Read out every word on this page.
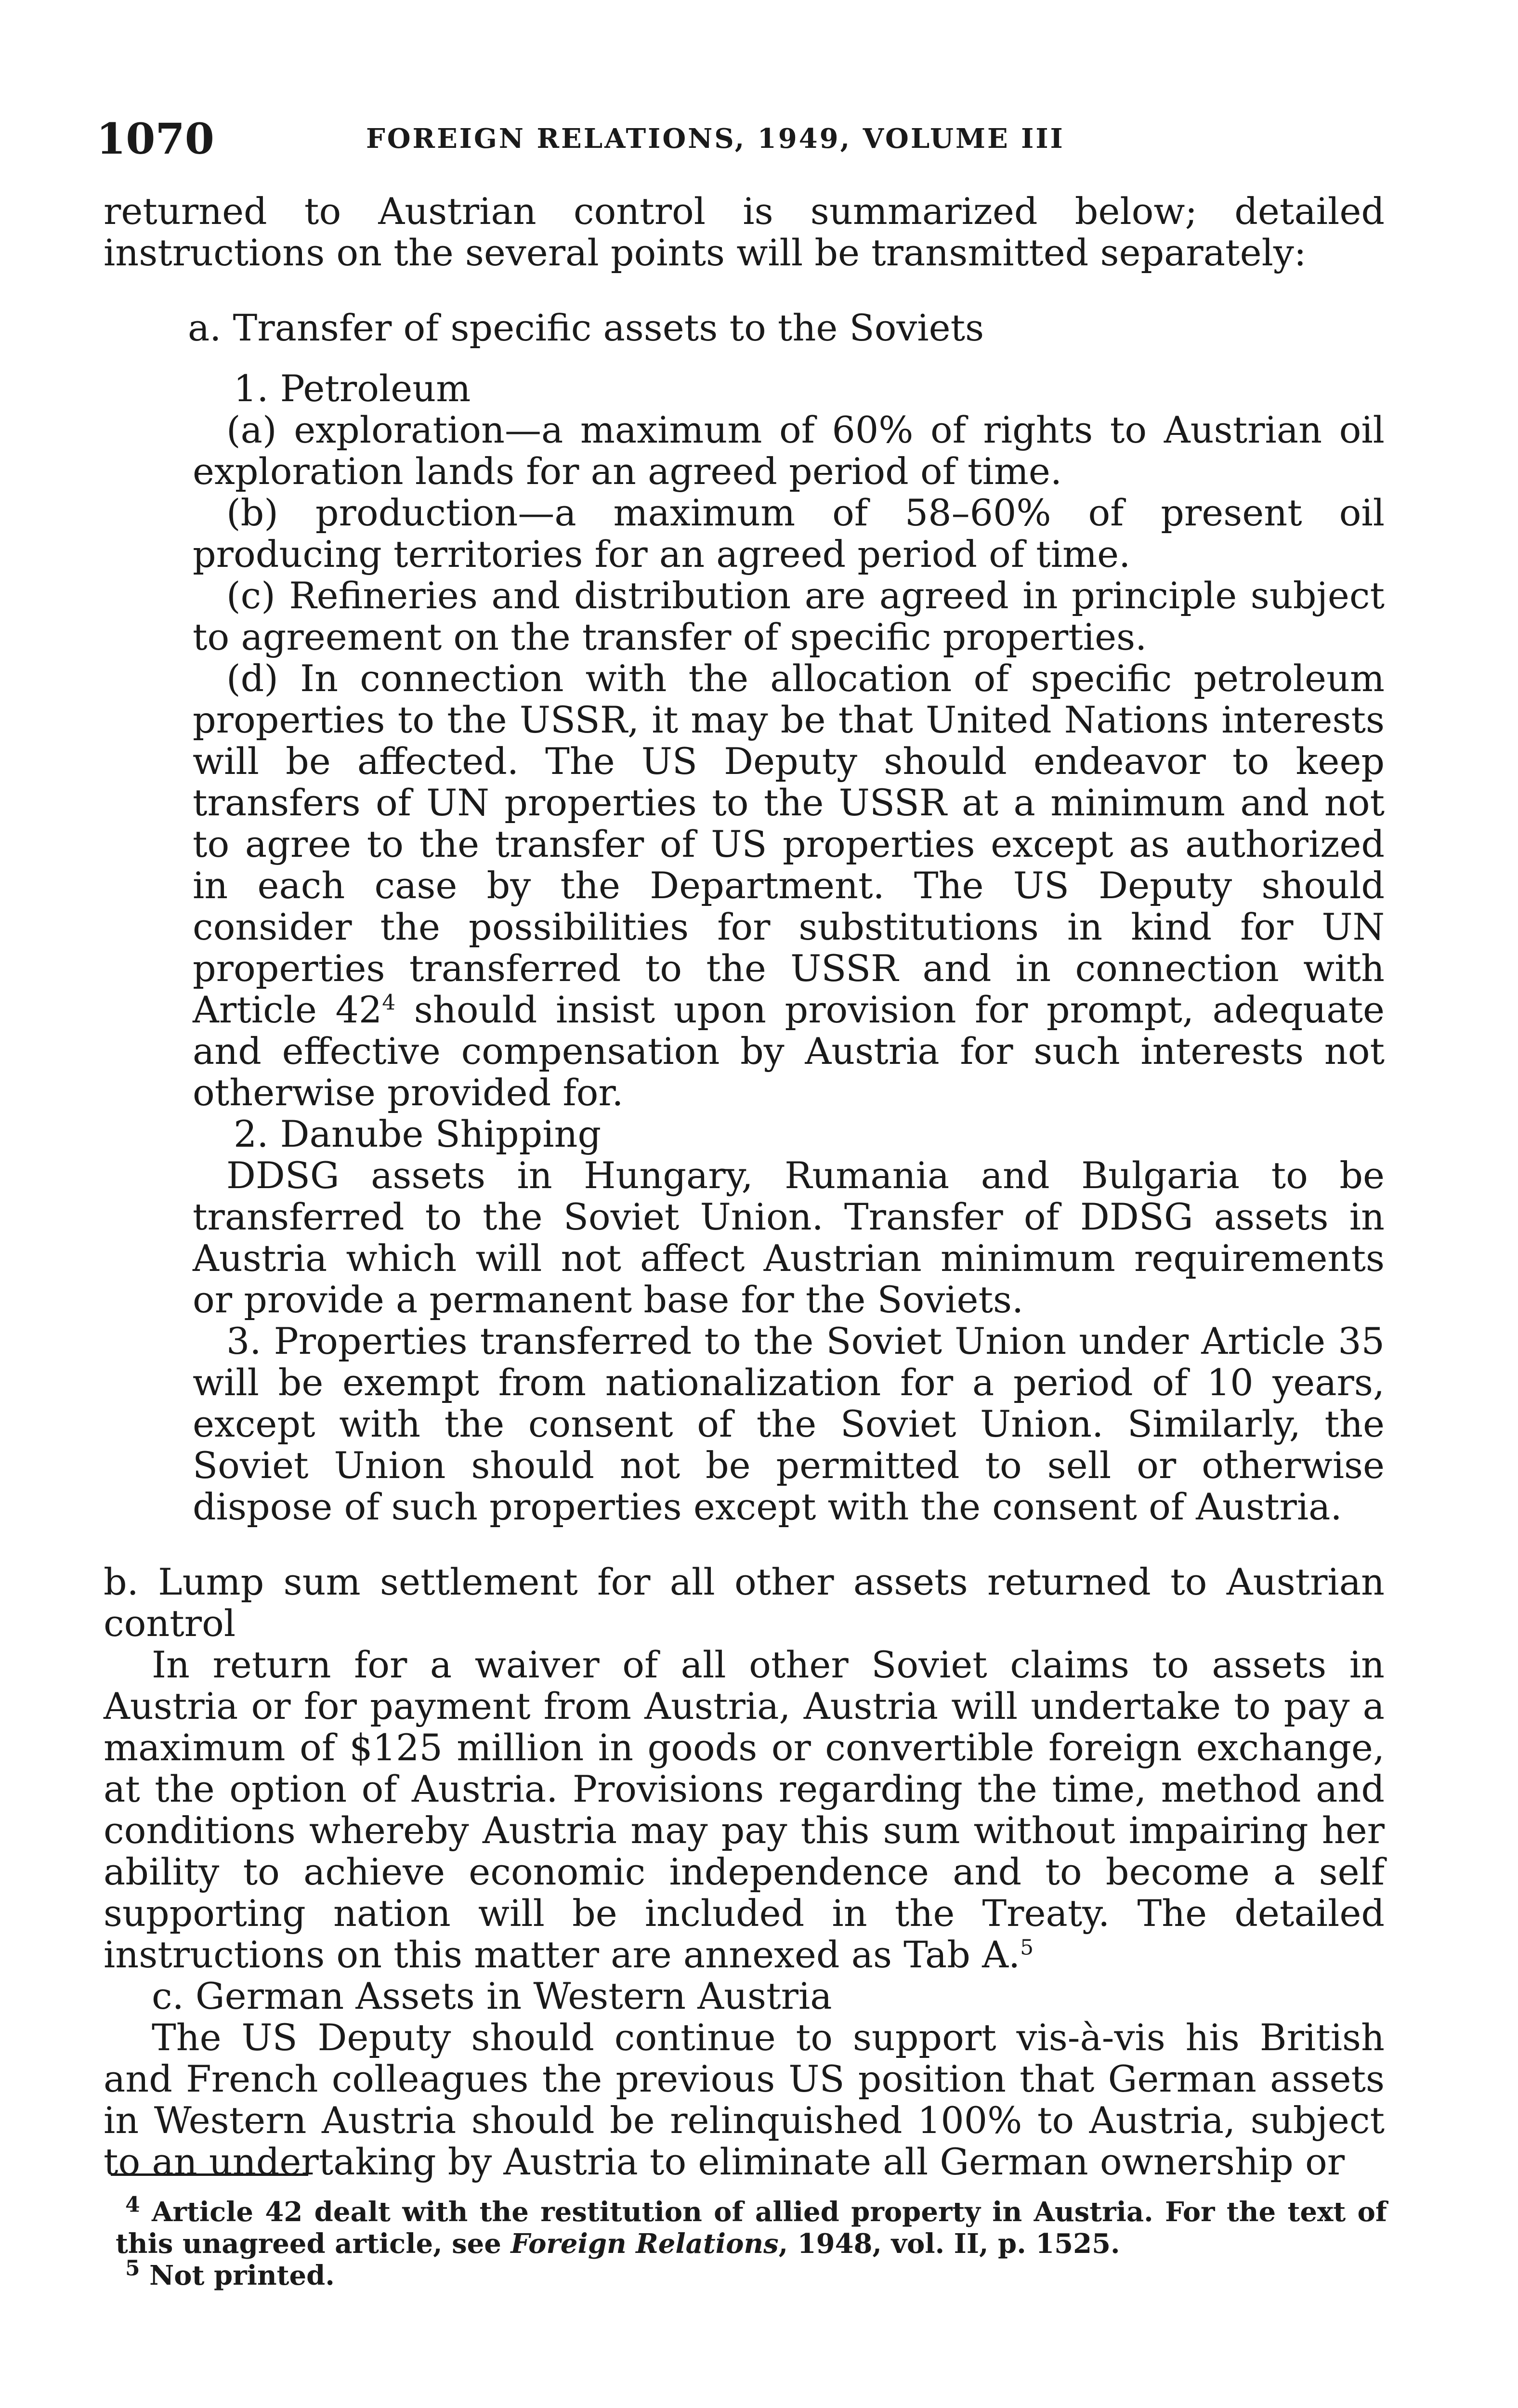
1070	FOREIGN RELATIONS, 1949, VOLUME III

returned to Austrian control is summarized below; detailed instructions on the several points will be transmitted separately:

a. Transfer of specific assets to the Soviets

1. Petroleum

(a) exploration—a maximum of 60% of rights to Austrian oil exploration lands for an agreed period of time.

(b) production—a maximum of 58–60% of present oil producing territories for an agreed period of time.

(c) Refineries and distribution are agreed in principle subject to agreement on the transfer of specific properties.

(d) In connection with the allocation of specific petroleum properties to the USSR, it may be that United Nations interests will be affected. The US Deputy should endeavor to keep transfers of UN properties to the USSR at a minimum and not to agree to the transfer of US properties except as authorized in each case by the Department. The US Deputy should consider the possibilities for substitutions in kind for UN properties transferred to the USSR and in connection with Article $42^4$ should insist upon provision for prompt, adequate and effective compensation by Austria for such interests not otherwise provided for.

2. Danube Shipping

DDSG assets in Hungary, Rumania and Bulgaria to be transferred to the Soviet Union. Transfer of DDSG assets in Austria which will not affect Austrian minimum requirements or provide a permanent base for the Soviets.

3. Properties transferred to the Soviet Union under Article 35 will be exempt from nationalization for a period of 10 years, except with the consent of the Soviet Union. Similarly, the Soviet Union should not be permitted to sell or otherwise dispose of such properties except with the consent of Austria.

b. Lump sum settlement for all other assets returned to Austrian control

In return for a waiver of all other Soviet claims to assets in Austria or for payment from Austria, Austria will undertake to pay a maximum of $125 million in goods or convertible foreign exchange, at the option of Austria. Provisions regarding the time, method and conditions whereby Austria may pay this sum without impairing her ability to achieve economic independence and to become a self supporting nation will be included in the Treaty. The detailed instructions on this matter are annexed as Tab A.$^5$

c. German Assets in Western Austria

The US Deputy should continue to support vis-à-vis his British and French colleagues the previous US position that German assets in Western Austria should be relinquished 100% to Austria, subject to an undertaking by Austria to eliminate all German ownership or

$^4$ Article 42 dealt with the restitution of allied property in Austria. For the text of this unagreed article, see Foreign Relations, 1948, vol. II, p. 1525.

$^5$ Not printed.
